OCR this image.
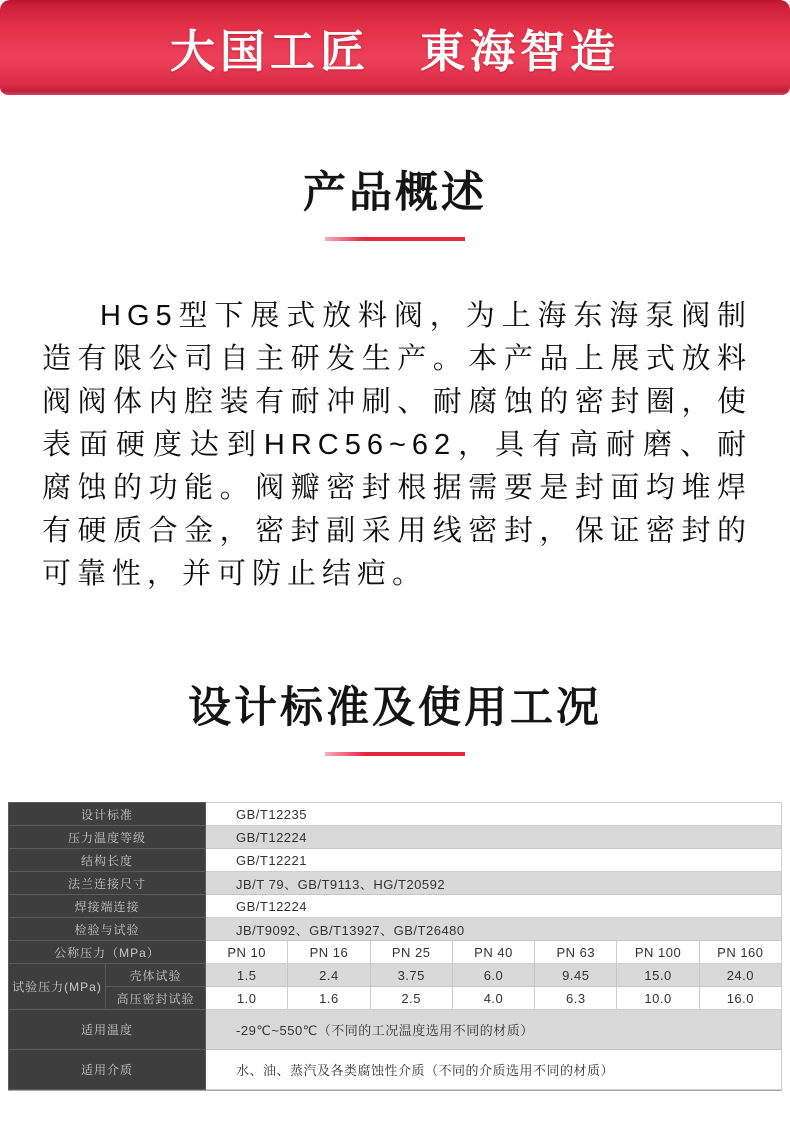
大国工匠　東海智造
产品概述
HG5型下展式放料阀，为上海东海泵阀制造有限公司自主研发生产。本产品上展式放料阀阀体内腔装有耐冲刷、耐腐蚀的密封圈，使表面硬度达到HRC56~62，具有高耐磨、耐腐蚀的功能。阀瓣密封根据需要是封面均堆焊有硬质合金，密封副采用线密封，保证密封的可靠性，并可防止结疤。
设计标准及使用工况
设计标准		GB/T12235						
压力温度等级		GB/T12224						
结构长度		GB/T12221						
法兰连接尺寸		JB/T 79、GB/T9113、HG/T20592						
焊接端连接		GB/T12224						
检验与试验		JB/T9092、GB/T13927、GB/T26480						
公称压力（MPa）		PN 10	PN 16	PN 25	PN 40	PN 63	PN 100	PN 160
试验压力(MPa)	壳体试验	1.5	2.4	3.75	6.0	9.45	15.0	24.0
	高压密封试验	1.0	1.6	2.5	4.0	6.3	10.0	16.0
适用温度		-29℃~550℃（不同的工况温度选用不同的材质）						
适用介质		水、油、蒸汽及各类腐蚀性介质（不同的介质选用不同的材质）						
